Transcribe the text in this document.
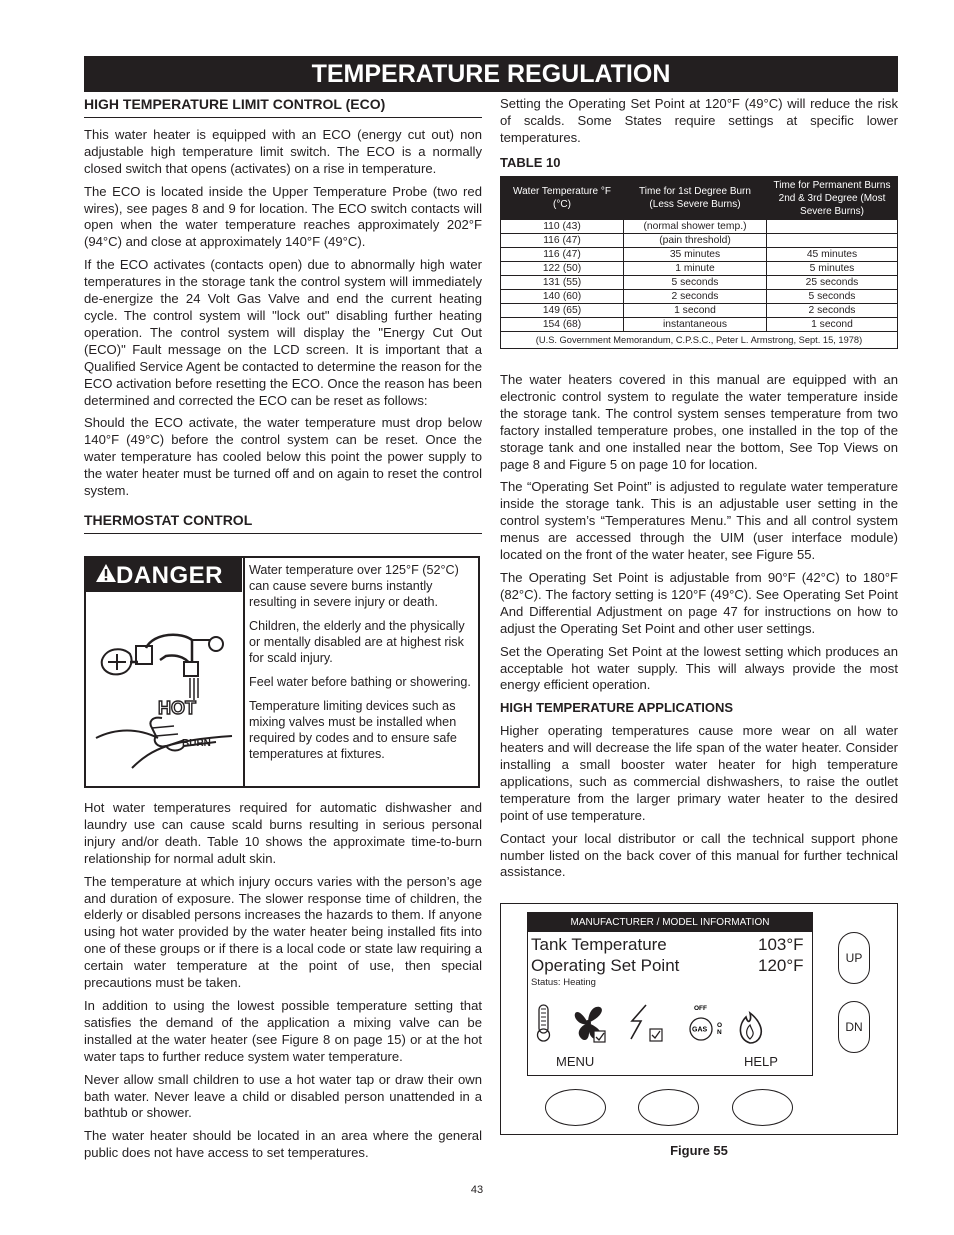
TEMPERATURE REGULATION
HIGH TEMPERATURE LIMIT CONTROL (ECO)

This water heater is equipped with an ECO (energy cut out) non adjustable high temperature limit switch. The ECO is a normally closed switch that opens (activates) on a rise in temperature.

The ECO is located inside the Upper Temperature Probe (two red wires), see pages 8 and 9 for location. The ECO switch contacts will open when the water temperature reaches approximately 202°F (94°C) and close at approximately 140°F (49°C).

If the ECO activates (contacts open) due to abnormally high water temperatures in the storage tank the control system will immediately de-energize the 24 Volt Gas Valve and end the current heating cycle. The control system will "lock out" disabling further heating operation. The control system will display the "Energy Cut Out (ECO)" Fault message on the LCD screen. It is important that a Qualified Service Agent be contacted to determine the reason for the ECO activation before resetting the ECO. Once the reason has been determined and corrected the ECO can be reset as follows:

Should the ECO activate, the water temperature must drop below 140°F (49°C) before the control system can be reset. Once the water temperature has cooled below this point the power supply to the water heater must be turned off and on again to reset the control system.

THERMOSTAT CONTROL
DANGER
HOT
BURN

Water temperature over 125°F (52°C) can cause severe burns instantly resulting in severe injury or death.

Children, the elderly and the physically or mentally disabled are at highest risk for scald injury.

Feel water before bathing or showering.

Temperature limiting devices such as mixing valves must be installed when required by codes and to ensure safe temperatures at fixtures.

Hot water temperatures required for automatic dishwasher and laundry use can cause scald burns resulting in serious personal injury and/or death. Table 10 shows the approximate time-to-burn relationship for normal adult skin.

The temperature at which injury occurs varies with the person’s age and duration of exposure. The slower response time of children, the elderly or disabled persons increases the hazards to them. If anyone using hot water provided by the water heater being installed fits into one of these groups or if there is a local code or state law requiring a certain water temperature at the point of use, then special precautions must be taken.

In addition to using the lowest possible temperature setting that satisfies the demand of the application a mixing valve can be installed at the water heater (see Figure 8 on page 15) or at the hot water taps to further reduce system water temperature.

Never allow small children to use a hot water tap or draw their own bath water. Never leave a child or disabled person unattended in a bathtub or shower.

The water heater should be located in an area where the general public does not have access to set temperatures.

Setting the Operating Set Point at 120°F (49°C) will reduce the risk of scalds. Some States require settings at specific lower temperatures.

TABLE 10
Water Temperature °F (°C)	Time for 1st Degree Burn (Less Severe Burns)	Time for Permanent Burns 2nd & 3rd Degree (Most Severe Burns)
110 (43)	(normal shower temp.)	
116 (47)	(pain threshold)	
116 (47)	35 minutes	45 minutes
122 (50)	1 minute	5 minutes
131 (55)	5 seconds	25 seconds
140 (60)	2 seconds	5 seconds
149 (65)	1 second	2 seconds
154 (68)	instantaneous	1 second
(U.S. Government Memorandum, C.P.S.C., Peter L. Armstrong, Sept. 15, 1978)		

The water heaters covered in this manual are equipped with an electronic control system to regulate the water temperature inside the storage tank. The control system senses temperature from two factory installed temperature probes, one installed in the top of the storage tank and one installed near the bottom, See Top Views on page 8 and Figure 5 on page 10 for location.

The “Operating Set Point” is adjusted to regulate water temperature inside the storage tank. This is an adjustable user setting in the control system’s “Temperatures Menu.” This and all control system menus are accessed through the UIM (user interface module) located on the front of the water heater, see Figure 55.

The Operating Set Point is adjustable from 90°F (42°C) to 180°F (82°C). The factory setting is 120°F (49°C). See Operating Set Point And Differential Adjustment on page 47 for instructions on how to adjust the Operating Set Point and other user settings.

Set the Operating Set Point at the lowest setting which produces an acceptable hot water supply. This will always provide the most energy efficient operation.

HIGH TEMPERATURE APPLICATIONS

Higher operating temperatures cause more wear on all water heaters and will decrease the life span of the water heater. Consider installing a small booster water heater for high temperature applications, such as commercial dishwashers, to raise the outlet temperature from the larger primary water heater to the desired point of use temperature.

Contact your local distributor or call the technical support phone number listed on the back cover of this manual for further technical assistance.

MANUFACTURER / MODEL INFORMATION
Tank Temperature	103°F
Operating Set Point	120°F
Status: Heating
OFF
GAS
O
N
MENU	HELP
UP
DN
Figure 55
43
